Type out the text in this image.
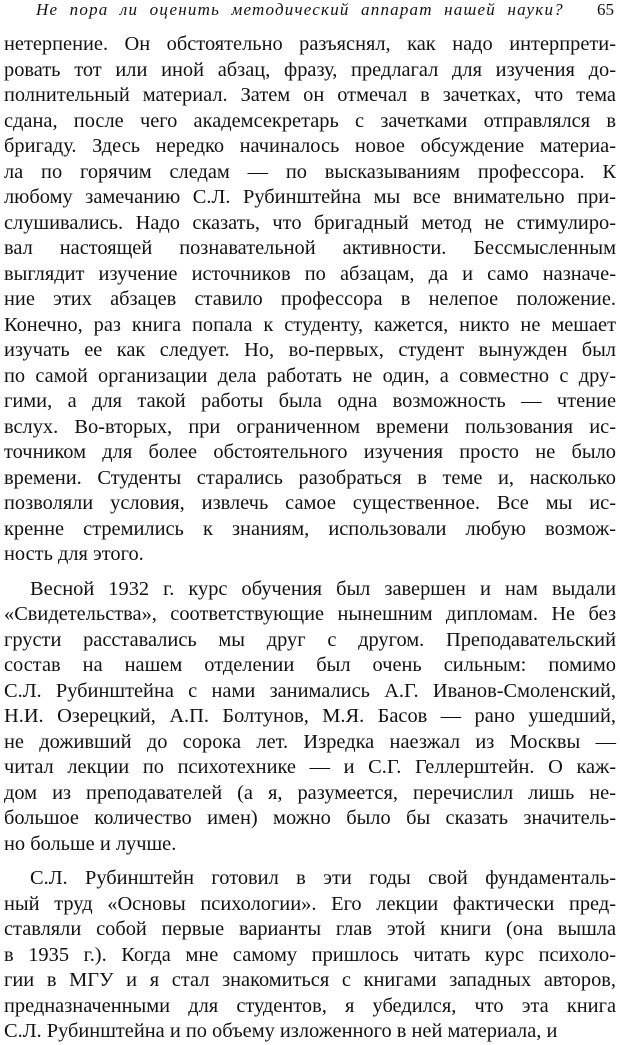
Не пора ли оценить методический аппарат нашей науки? 65
нетерпение. Он обстоятельно разъяснял, как надо интерпрети-
ровать тот или иной абзац, фразу, предлагал для изучения до-
полнительный материал. Затем он отмечал в зачетках, что тема
сдана, после чего академсекретарь с зачетками отправлялся в
бригаду. Здесь нередко начиналось новое обсуждение материа-
ла по горячим следам — по высказываниям профессора. К
любому замечанию С.Л. Рубинштейна мы все внимательно при-
слушивались. Надо сказать, что бригадный метод не стимулиро-
вал настоящей познавательной активности. Бессмысленным
выглядит изучение источников по абзацам, да и само назначе-
ние этих абзацев ставило профессора в нелепое положение.
Конечно, раз книга попала к студенту, кажется, никто не мешает
изучать ее как следует. Но, во-первых, студент вынужден был
по самой организации дела работать не один, а совместно с дру-
гими, а для такой работы была одна возможность — чтение
вслух. Во-вторых, при ограниченном времени пользования ис-
точником для более обстоятельного изучения просто не было
времени. Студенты старались разобраться в теме и, насколько
позволяли условия, извлечь самое существенное. Все мы ис-
кренне стремились к знаниям, использовали любую возмож-
ность для этого.
Весной 1932 г. курс обучения был завершен и нам выдали
«Свидетельства», соответствующие нынешним дипломам. Не без
грусти расставались мы друг с другом. Преподавательский
состав на нашем отделении был очень сильным: помимо
С.Л. Рубинштейна с нами занимались А.Г. Иванов-Смоленский,
Н.И. Озерецкий, А.П. Болтунов, М.Я. Басов — рано ушедший,
не доживший до сорока лет. Изредка наезжал из Москвы —
читал лекции по психотехнике — и С.Г. Геллерштейн. О каж-
дом из преподавателей (а я, разумеется, перечислил лишь не-
большое количество имен) можно было бы сказать значитель-
но больше и лучше.
С.Л. Рубинштейн готовил в эти годы свой фундаменталь-
ный труд «Основы психологии». Его лекции фактически пред-
ставляли собой первые варианты глав этой книги (она вышла
в 1935 г.). Когда мне самому пришлось читать курс психоло-
гии в МГУ и я стал знакомиться с книгами западных авторов,
предназначенными для студентов, я убедился, что эта книга
С.Л. Рубинштейна и по объему изложенного в ней материала, и
